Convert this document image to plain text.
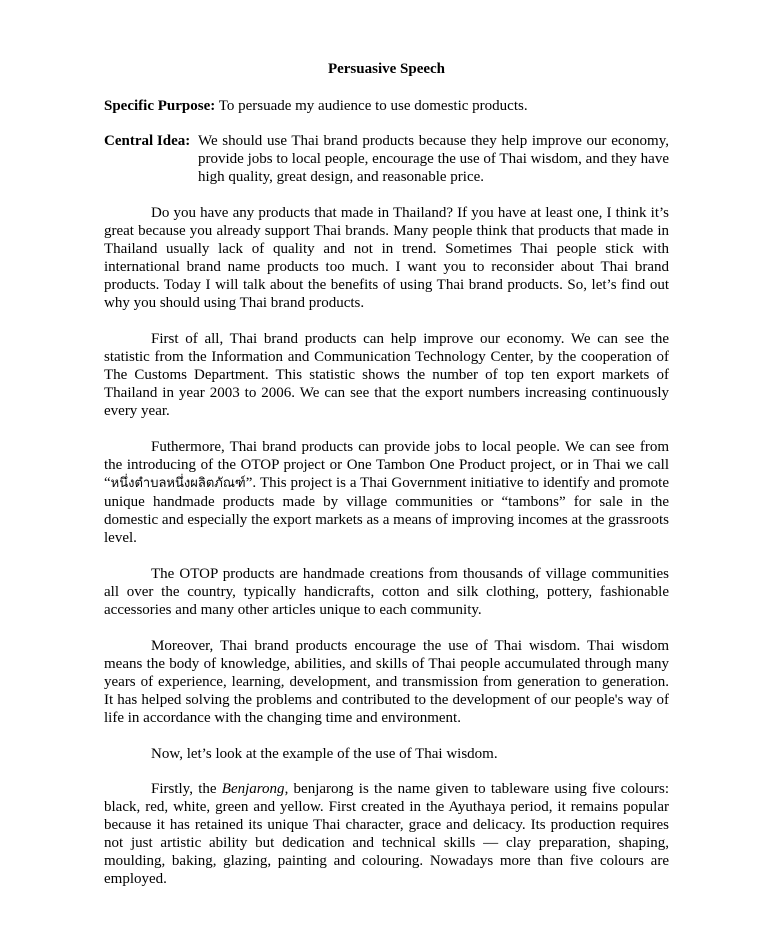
Persuasive Speech
Specific Purpose: To persuade my audience to use domestic products.
Central Idea: We should use Thai brand products because they help improve our economy, provide jobs to local people, encourage the use of Thai wisdom, and they have high quality, great design, and reasonable price.

Do you have any products that made in Thailand? If you have at least one, I think it’s great because you already support Thai brands. Many people think that products that made in Thailand usually lack of quality and not in trend. Sometimes Thai people stick with international brand name products too much. I want you to reconsider about Thai brand products. Today I will talk about the benefits of using Thai brand products. So, let’s find out why you should using Thai brand products.

First of all, Thai brand products can help improve our economy. We can see the statistic from the Information and Communication Technology Center, by the cooperation of The Customs Department. This statistic shows the number of top ten export markets of Thailand in year 2003 to 2006. We can see that the export numbers increasing continuously every year.

Futhermore, Thai brand products can provide jobs to local people. We can see from the introducing of the OTOP project or One Tambon One Product project, or in Thai we call “หนึ่งตำบลหนึ่งผลิตภัณฑ์”. This project is a Thai Government initiative to identify and promote unique handmade products made by village communities or “tambons” for sale in the domestic and especially the export markets as a means of improving incomes at the grassroots level.

The OTOP products are handmade creations from thousands of village communities all over the country, typically handicrafts, cotton and silk clothing, pottery, fashionable accessories and many other articles unique to each community.

Moreover, Thai brand products encourage the use of Thai wisdom. Thai wisdom means the body of knowledge, abilities, and skills of Thai people accumulated through many years of experience, learning, development, and transmission from generation to generation. It has helped solving the problems and contributed to the development of our people's way of life in accordance with the changing time and environment.

Now, let’s look at the example of the use of Thai wisdom.

Firstly, the Benjarong, benjarong is the name given to tableware using five colours: black, red, white, green and yellow. First created in the Ayuthaya period, it remains popular because it has retained its unique Thai character, grace and delicacy. Its production requires not just artistic ability but dedication and technical skills — clay preparation, shaping, moulding, baking, glazing, painting and colouring. Nowadays more than five colours are employed.
